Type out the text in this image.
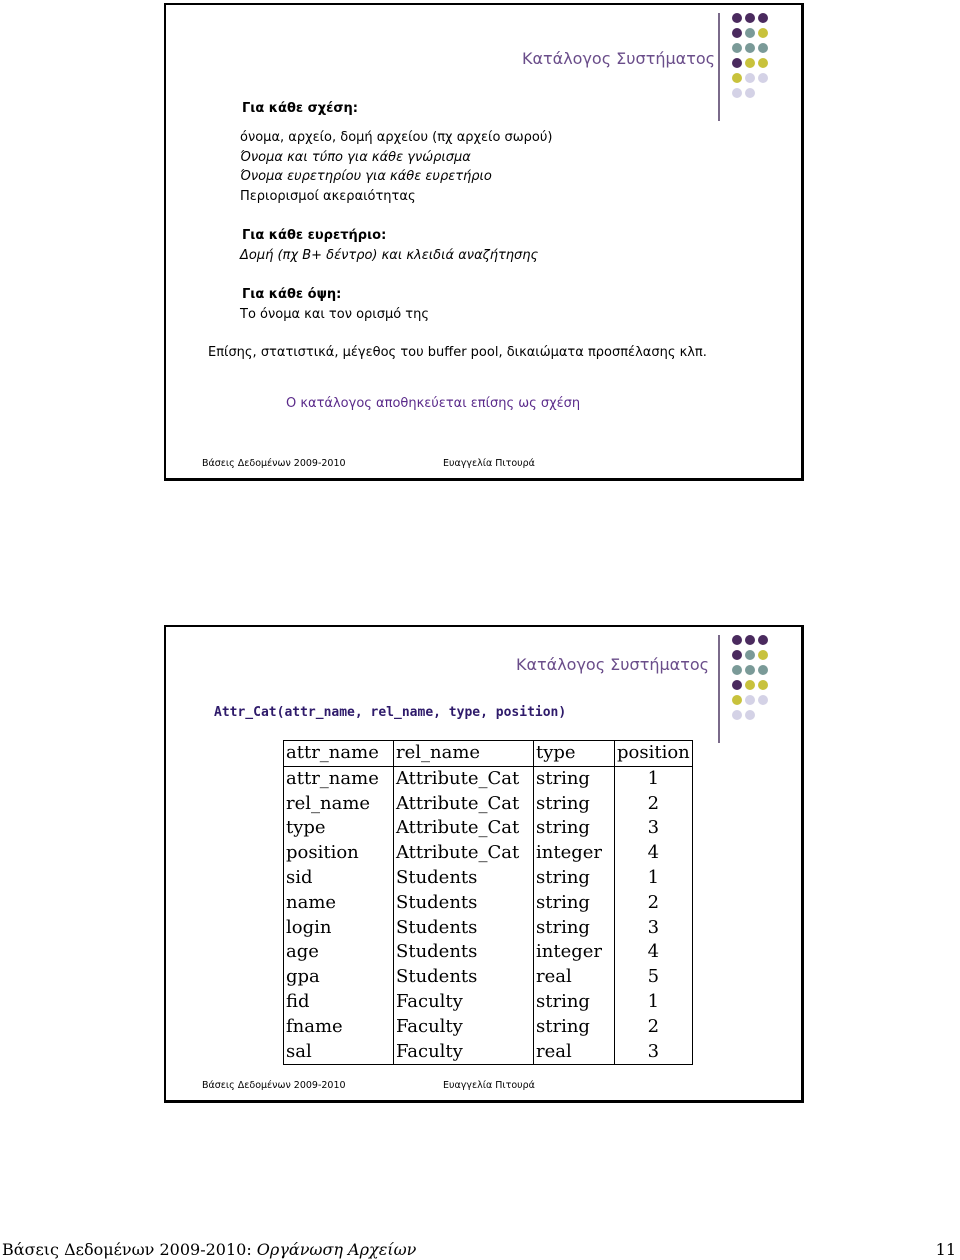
Κατάλογος Συστήματος
Για κάθε σχέση:
όνομα, αρχείο, δομή αρχείου (πχ αρχείο σωρού)
Όνομα και τύπο για κάθε γνώρισμα
Όνομα ευρετηρίου για κάθε ευρετήριο
Περιορισμοί ακεραιότητας
Για κάθε ευρετήριο:
Δομή (πχ Β+ δέντρο) και κλειδιά αναζήτησης
Για κάθε όψη:
Το όνομα και τον ορισμό της
Επίσης, στατιστικά, μέγεθος του buffer pool, δικαιώματα προσπέλασης κλπ.
Ο κατάλογος αποθηκεύεται επίσης ως σχέση
Βάσεις Δεδομένων 2009-2010	Ευαγγελία Πιτουρά
Κατάλογος Συστήματος
Attr_Cat(attr_name, rel_name, type, position)
attr_name	rel_name	type	position
attr_name	Attribute_Cat	string	1
rel_name	Attribute_Cat	string	2
type	Attribute_Cat	string	3
position	Attribute_Cat	integer	4
sid	Students	string	1
name	Students	string	2
login	Students	string	3
age	Students	integer	4
gpa	Students	real	5
fid	Faculty	string	1
fname	Faculty	string	2
sal	Faculty	real	3
Βάσεις Δεδομένων 2009-2010	Ευαγγελία Πιτουρά
Βάσεις Δεδομένων 2009-2010: Οργάνωση Αρχείων	11
